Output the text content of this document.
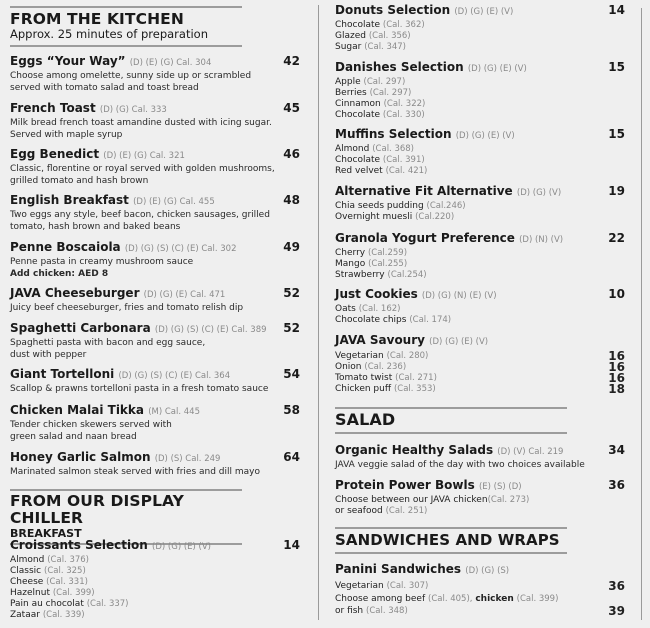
FROM THE KITCHEN
Approx. 25 minutes of preparation
Eggs “Your Way” (D) (E) (G) Cal. 304	42
Choose among omelette, sunny side up or scrambled
served with tomato salad and toast bread
French Toast (D) (G) Cal. 333	45
Milk bread french toast amandine dusted with icing sugar.
Served with maple syrup
Egg Benedict (D) (E) (G) Cal. 321	46
Classic, florentine or royal served with golden mushrooms,
grilled tomato and hash brown
English Breakfast (D) (E) (G) Cal. 455	48
Two eggs any style, beef bacon, chicken sausages, grilled
tomato, hash brown and baked beans
Penne Boscaiola (D) (G) (S) (C) (E) Cal. 302	49
Penne pasta in creamy mushroom sauce
Add chicken: AED 8
JAVA Cheeseburger (D) (G) (E) Cal. 471	52
Juicy beef cheeseburger, fries and tomato relish dip
Spaghetti Carbonara (D) (G) (S) (C) (E) Cal. 389	52
Spaghetti pasta with bacon and egg sauce,
dust with pepper
Giant Tortelloni (D) (G) (S) (C) (E) Cal. 364	54
Scallop & prawns tortelloni pasta in a fresh tomato sauce
Chicken Malai Tikka (M) Cal. 445	58
Tender chicken skewers served with
green salad and naan bread
Honey Garlic Salmon (D) (S) Cal. 249	64
Marinated salmon steak served with fries and dill mayo
FROM OUR DISPLAY CHILLER
BREAKFAST
Croissants Selection (D) (G) (E) (V)	14
Almond (Cal. 376)
Classic (Cal. 325)
Cheese (Cal. 331)
Hazelnut (Cal. 399)
Pain au chocolat (Cal. 337)
Zataar (Cal. 339)
Donuts Selection (D) (G) (E) (V)	14
Chocolate (Cal. 362)
Glazed (Cal. 356)
Sugar (Cal. 347)
Danishes Selection (D) (G) (E) (V)	15
Apple (Cal. 297)
Berries (Cal. 297)
Cinnamon (Cal. 322)
Chocolate (Cal. 330)
Muffins Selection (D) (G) (E) (V)	15
Almond (Cal. 368)
Chocolate (Cal. 391)
Red velvet (Cal. 421)
Alternative Fit Alternative (D) (G) (V)	19
Chia seeds pudding (Cal.246)
Overnight muesli (Cal.220)
Granola Yogurt Preference (D) (N) (V)	22
Cherry (Cal.259)
Mango (Cal.255)
Strawberry (Cal.254)
Just Cookies (D) (G) (N) (E) (V)	10
Oats (Cal. 162)
Chocolate chips (Cal. 174)
JAVA Savoury (D) (G) (E) (V)
Vegetarian (Cal. 280)	16
Onion (Cal. 236)	16
Tomato twist (Cal. 271)	16
Chicken puff (Cal. 353)	18
SALAD
Organic Healthy Salads (D) (V) Cal. 219	34
JAVA veggie salad of the day with two choices available
Protein Power Bowls (E) (S) (D)	36
Choose between our JAVA chicken(Cal. 273)
or seafood (Cal. 251)
SANDWICHES AND WRAPS
Panini Sandwiches (D) (G) (S)
Vegetarian (Cal. 307)	36
Choose among beef (Cal. 405), chicken (Cal. 399)
or fish (Cal. 348)	39
